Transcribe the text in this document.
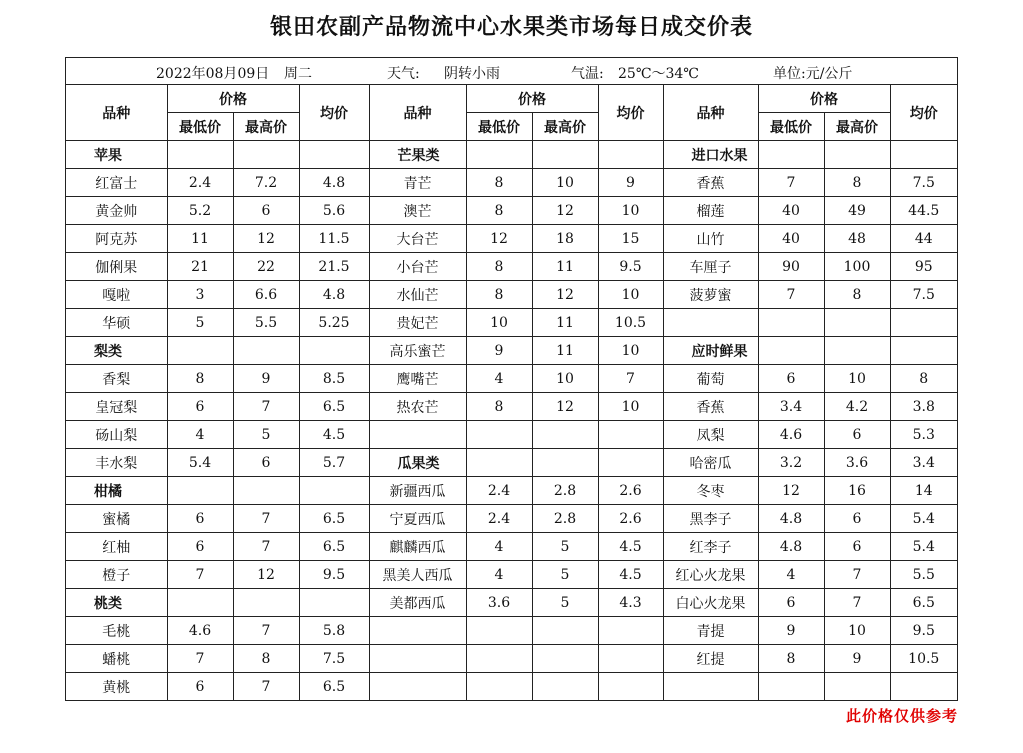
银田农副产品物流中心水果类市场每日成交价表
2022年08月09日 周二	天气: 阴转小雨	气温: 25℃～34℃	单位:元/公斤
品种	价格		均价	品种	价格		均价	品种	价格		均价
	最低价	最高价			最低价	最高价			最低价	最高价	
苹果				芒果类				进口水果			
红富士	2.4	7.2	4.8	青芒	8	10	9	香蕉	7	8	7.5
黄金帅	5.2	6	5.6	澳芒	8	12	10	榴莲	40	49	44.5
阿克苏	11	12	11.5	大台芒	12	18	15	山竹	40	48	44
伽俐果	21	22	21.5	小台芒	8	11	9.5	车厘子	90	100	95
嘎啦	3	6.6	4.8	水仙芒	8	12	10	菠萝蜜	7	8	7.5
华硕	5	5.5	5.25	贵妃芒	10	11	10.5				
梨类				高乐蜜芒	9	11	10	应时鲜果			
香梨	8	9	8.5	鹰嘴芒	4	10	7	葡萄	6	10	8
皇冠梨	6	7	6.5	热农芒	8	12	10	香蕉	3.4	4.2	3.8
砀山梨	4	5	4.5					凤梨	4.6	6	5.3
丰水梨	5.4	6	5.7	瓜果类				哈密瓜	3.2	3.6	3.4
柑橘				新疆西瓜	2.4	2.8	2.6	冬枣	12	16	14
蜜橘	6	7	6.5	宁夏西瓜	2.4	2.8	2.6	黑李子	4.8	6	5.4
红柚	6	7	6.5	麒麟西瓜	4	5	4.5	红李子	4.8	6	5.4
橙子	7	12	9.5	黑美人西瓜	4	5	4.5	红心火龙果	4	7	5.5
桃类				美都西瓜	3.6	5	4.3	白心火龙果	6	7	6.5
毛桃	4.6	7	5.8					青提	9	10	9.5
蟠桃	7	8	7.5					红提	8	9	10.5
黄桃	6	7	6.5								
此价格仅供参考
